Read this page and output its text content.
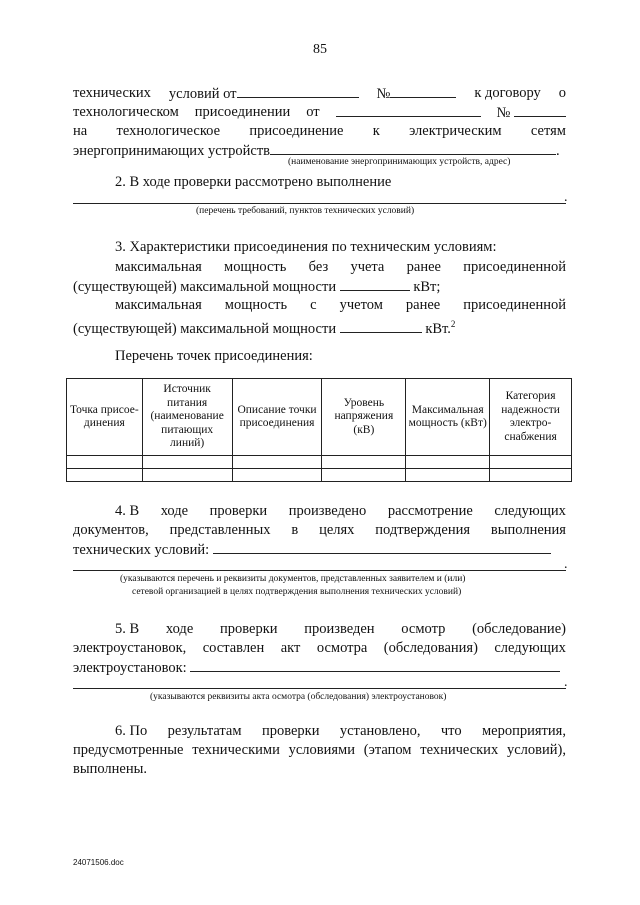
85
технических условий от	№	к договору о
технологическом присоединении от	№
на технологическое присоединение к электрическим сетям
энергопринимающих устройств	.
(наименование энергопринимающих устройств, адрес)
2. В ходе проверки рассмотрено выполнение
.
(перечень требований, пунктов технических условий)
3. Характеристики присоединения по техническим условиям:
максимальная мощность без учета ранее присоединенной
(существующей) максимальной мощности	кВт;
максимальная мощность с учетом ранее присоединенной
(существующей) максимальной мощности	кВт.$^2$
Перечень точек присоединения:
Точка присое-динения	Источник питания (наименование питающих линий)	Описание точки присоединения	Уровень напряжения (кВ)	Максимальная мощность (кВт)	Категория надежности электро-снабжения

4. В ходе проверки произведено рассмотрение следующих
документов, представленных в целях подтверждения выполнения
технических условий:
.
(указываются перечень и реквизиты документов, представленных заявителем и (или)
сетевой организацией в целях подтверждения выполнения технических условий)
5. В ходе проверки произведен осмотр (обследование)
электроустановок, составлен акт осмотра (обследования) следующих
электроустановок:
.
(указываются реквизиты акта осмотра (обследования) электроустановок)
6. По результатам проверки установлено, что мероприятия,
предусмотренные техническими условиями (этапом технических условий),
выполнены.
24071506.doc
